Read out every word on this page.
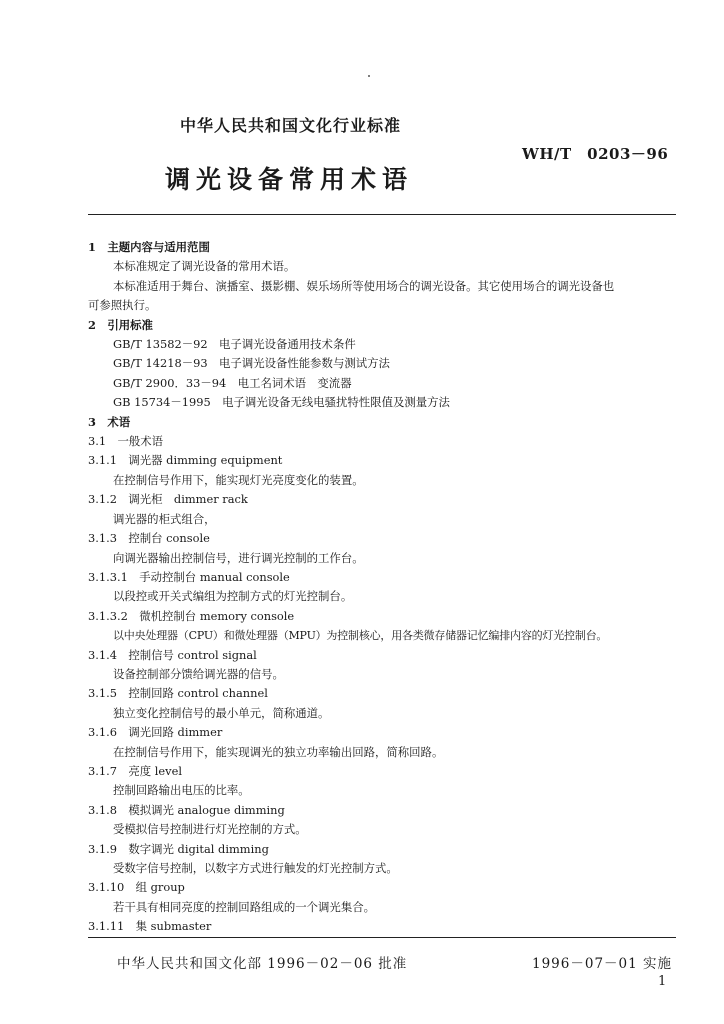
中华人民共和国文化行业标准
WH/T　0203－96
调光设备常用术语
1　主题内容与适用范围
本标准规定了调光设备的常用术语。
本标准适用于舞台、演播室、摄影棚、娱乐场所等使用场合的调光设备。其它使用场合的调光设备也
可参照执行。
2　引用标准
GB/T 13582－92　电子调光设备通用技术条件
GB/T 14218－93　电子调光设备性能参数与测试方法
GB/T 2900．33－94　电工名词术语　变流器
GB 15734－1995　电子调光设备无线电骚扰特性限值及测量方法
3　术语
3.1　一般术语
3.1.1　调光器 dimming equipment
在控制信号作用下，能实现灯光亮度变化的装置。
3.1.2　调光柜　dimmer rack
调光器的柜式组合，
3.1.3　控制台 console
向调光器输出控制信号，进行调光控制的工作台。
3.1.3.1　手动控制台 manual console
以段控或开关式编组为控制方式的灯光控制台。
3.1.3.2　微机控制台 memory console
以中央处理器（CPU）和微处理器（MPU）为控制核心，用各类微存储器记忆编排内容的灯光控制台。
3.1.4　控制信号 control signal
设备控制部分馈给调光器的信号。
3.1.5　控制回路 control channel
独立变化控制信号的最小单元，简称通道。
3.1.6　调光回路 dimmer
在控制信号作用下，能实现调光的独立功率输出回路，简称回路。
3.1.7　亮度 level
控制回路输出电压的比率。
3.1.8　模拟调光 analogue dimming
受模拟信号控制进行灯光控制的方式。
3.1.9　数字调光 digital dimming
受数字信号控制，以数字方式进行触发的灯光控制方式。
3.1.10　组 group
若干具有相同亮度的控制回路组成的一个调光集合。
3.1.11　集 submaster
中华人民共和国文化部 1996－02－06 批准	1996－07－01 实施
1
